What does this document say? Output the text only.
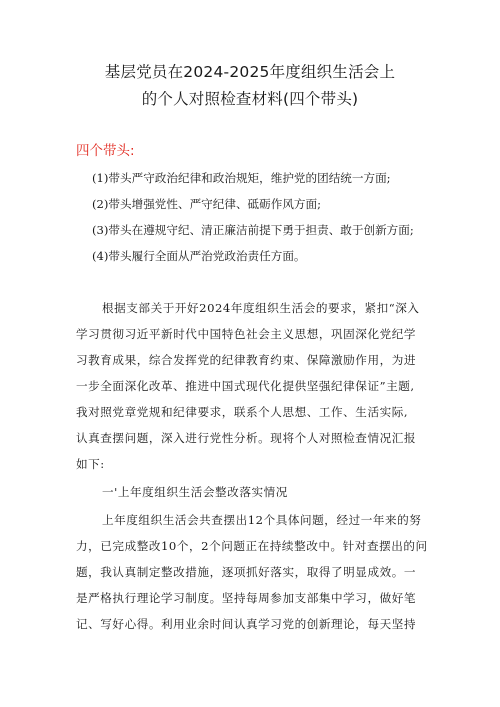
基层党员在2024-2025年度组织生活会上
的个人对照检查材料(四个带头)
四个带头:
(1)带头严守政治纪律和政治规矩，维护党的团结统一方面;
(2)带头增强党性、严守纪律、砥砺作风方面;
(3)带头在遵规守纪、清正廉洁前提下勇于担责、敢于创新方面;
(4)带头履行全面从严治党政治责任方面。
根据支部关于开好2024年度组织生活会的要求，紧扣“深入
学习贯彻习近平新时代中国特色社会主义思想，巩固深化党纪学
习教育成果，综合发挥党的纪律教育约束、保障激励作用，为进
一步全面深化改革、推进中国式现代化提供坚强纪律保证”主题,
我对照党章党规和纪律要求，联系个人思想、工作、生活实际,
认真查摆问题，深入进行党性分析。现将个人对照检查情况汇报
如下:
一'上年度组织生活会整改落实情况
上年度组织生活会共查摆出12个具体问题，经过一年来的努
力，已完成整改10个，2个问题正在持续整改中。针对查摆出的问
题，我认真制定整改措施，逐项抓好落实，取得了明显成效。一
是严格执行理论学习制度。坚持每周参加支部集中学习，做好笔
记、写好心得。利用业余时间认真学习党的创新理论，每天坚持
